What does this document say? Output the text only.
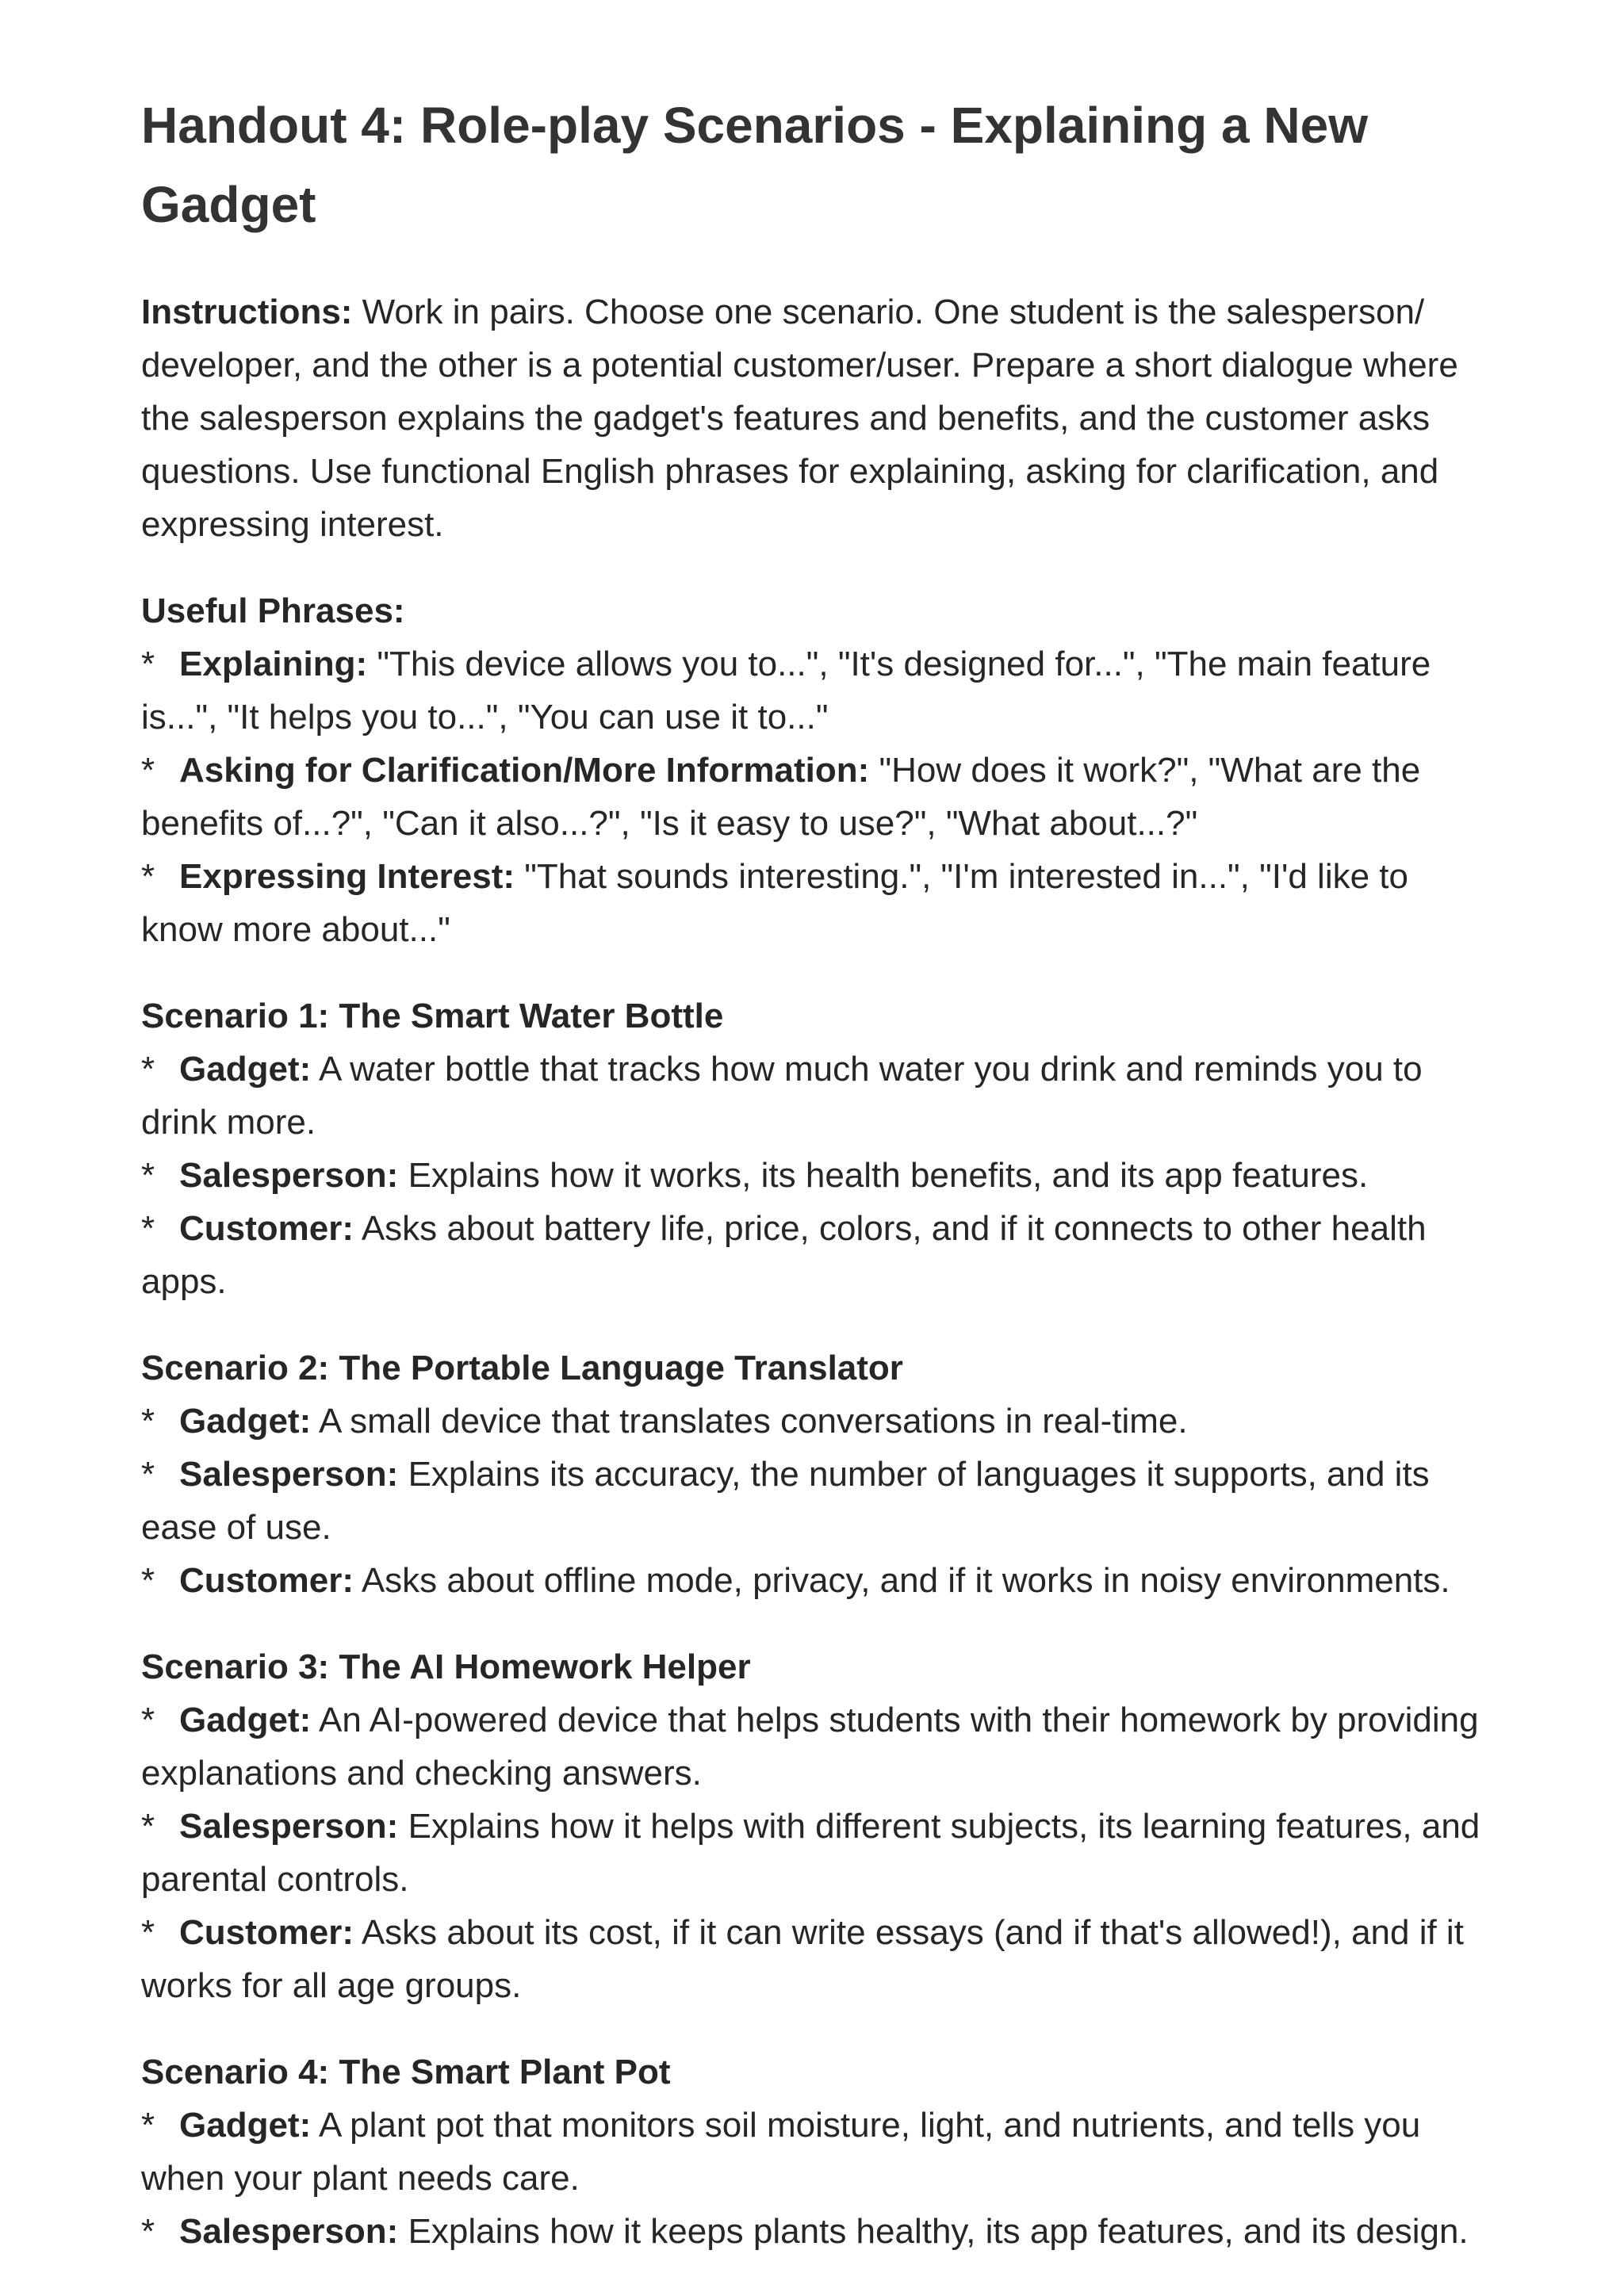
Handout 4: Role-play Scenarios - Explaining a New Gadget

Instructions: Work in pairs. Choose one scenario. One student is the salesperson/ developer, and the other is a potential customer/user. Prepare a short dialogue where the salesperson explains the gadget's features and benefits, and the customer asks questions. Use functional English phrases for explaining, asking for clarification, and expressing interest.

Useful Phrases:
* Explaining: "This device allows you to...", "It's designed for...", "The main feature is...", "It helps you to...", "You can use it to..."
* Asking for Clarification/More Information: "How does it work?", "What are the benefits of...?", "Can it also...?", "Is it easy to use?", "What about...?"
* Expressing Interest: "That sounds interesting.", "I'm interested in...", "I'd like to know more about..."
Scenario 1: The Smart Water Bottle
* Gadget: A water bottle that tracks how much water you drink and reminds you to drink more.
* Salesperson: Explains how it works, its health benefits, and its app features.
* Customer: Asks about battery life, price, colors, and if it connects to other health apps.
Scenario 2: The Portable Language Translator
* Gadget: A small device that translates conversations in real-time.
* Salesperson: Explains its accuracy, the number of languages it supports, and its ease of use.
* Customer: Asks about offline mode, privacy, and if it works in noisy environments.
Scenario 3: The AI Homework Helper
* Gadget: An AI-powered device that helps students with their homework by providing explanations and checking answers.
* Salesperson: Explains how it helps with different subjects, its learning features, and parental controls.
* Customer: Asks about its cost, if it can write essays (and if that's allowed!), and if it works for all age groups.
Scenario 4: The Smart Plant Pot
* Gadget: A plant pot that monitors soil moisture, light, and nutrients, and tells you when your plant needs care.
* Salesperson: Explains how it keeps plants healthy, its app features, and its design.
